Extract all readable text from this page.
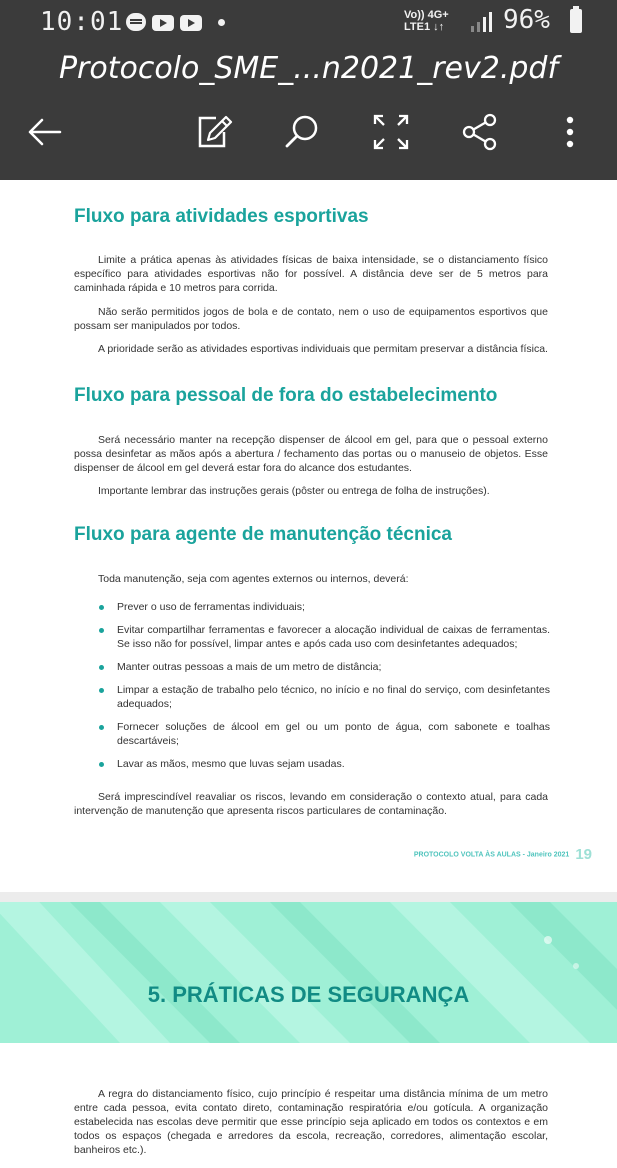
10:01	Vo)) 4G+
LTE1 ↓↑ 96%
Protocolo_SME_...n2021_rev2.pdf
Fluxo para atividades esportivas

Limite a prática apenas às atividades físicas de baixa intensidade, se o distanciamento físico específico para atividades esportivas não for possível. A distância deve ser de 5 metros para caminhada rápida e 10 metros para corrida.

Não serão permitidos jogos de bola e de contato, nem o uso de equipamentos esportivos que possam ser manipulados por todos.

A prioridade serão as atividades esportivas individuais que permitam preservar a distância física.

Fluxo para pessoal de fora do estabelecimento

Será necessário manter na recepção dispenser de álcool em gel, para que o pessoal externo possa desinfetar as mãos após a abertura / fechamento das portas ou o manuseio de objetos. Esse dispenser de álcool em gel deverá estar fora do alcance dos estudantes.

Importante lembrar das instruções gerais (pôster ou entrega de folha de instruções).

Fluxo para agente de manutenção técnica

Toda manutenção, seja com agentes externos ou internos, deverá:

Prever o uso de ferramentas individuais;
Evitar compartilhar ferramentas e favorecer a alocação individual de caixas de ferramentas. Se isso não for possível, limpar antes e após cada uso com desinfetantes adequados;
Manter outras pessoas a mais de um metro de distância;
Limpar a estação de trabalho pelo técnico, no início e no final do serviço, com desinfetantes adequados;
Fornecer soluções de álcool em gel ou um ponto de água, com sabonete e toalhas descartáveis;
Lavar as mãos, mesmo que luvas sejam usadas.

Será imprescindível reavaliar os riscos, levando em consideração o contexto atual, para cada intervenção de manutenção que apresenta riscos particulares de contaminação.

PROTOCOLO VOLTA ÀS AULAS - Janeiro 2021 19
5. PRÁTICAS DE SEGURANÇA

A regra do distanciamento físico, cujo princípio é respeitar uma distância mínima de um metro entre cada pessoa, evita contato direto, contaminação respiratória e/ou gotícula. A organização estabelecida nas escolas deve permitir que esse princípio seja aplicado em todos os contextos e em todos os espaços (chegada e arredores da escola, recreação, corredores, alimentação escolar, banheiros etc.).
